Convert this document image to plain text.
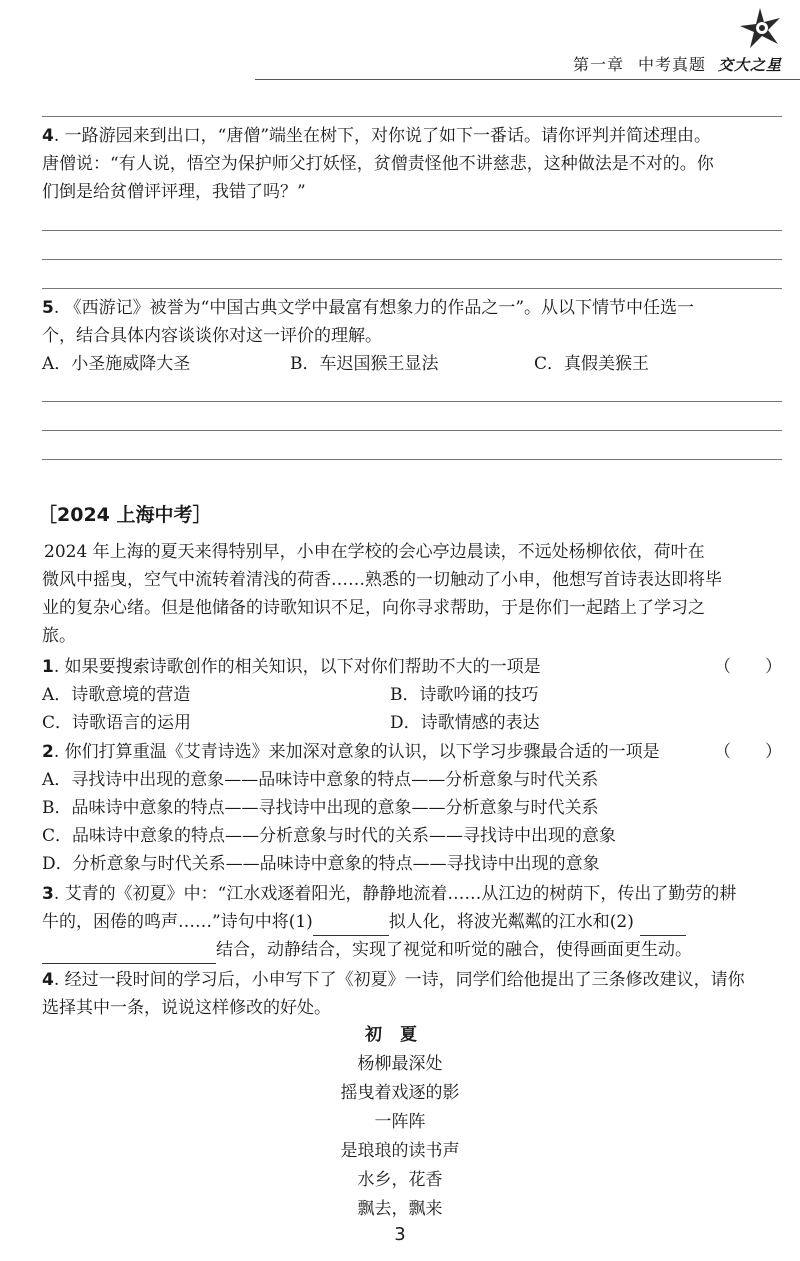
第一章 中考真题 交大之星
4. 一路游园来到出口，“唐僧”端坐在树下，对你说了如下一番话。请你评判并简述理由。
唐僧说：“有人说，悟空为保护师父打妖怪，贫僧责怪他不讲慈悲，这种做法是不对的。你
们倒是给贫僧评评理，我错了吗？”
5. 《西游记》被誉为“中国古典文学中最富有想象力的作品之一”。从以下情节中任选一
个，结合具体内容谈谈你对这一评价的理解。
A．小圣施威降大圣	B．车迟国猴王显法	C．真假美猴王
［2024 上海中考］
2024 年上海的夏天来得特别早，小申在学校的会心亭边晨读，不远处杨柳依依，荷叶在
微风中摇曳，空气中流转着清浅的荷香……熟悉的一切触动了小申，他想写首诗表达即将毕
业的复杂心绪。但是他储备的诗歌知识不足，向你寻求帮助，于是你们一起踏上了学习之
旅。
1. 如果要搜索诗歌创作的相关知识，以下对你们帮助不大的一项是
A．诗歌意境的营造	B．诗歌吟诵的技巧
C．诗歌语言的运用	D．诗歌情感的表达
（　　）
2. 你们打算重温《艾青诗选》来加深对意象的认识，以下学习步骤最合适的一项是
A．寻找诗中出现的意象——品味诗中意象的特点——分析意象与时代关系
B．品味诗中意象的特点——寻找诗中出现的意象——分析意象与时代关系
C．品味诗中意象的特点——分析意象与时代的关系——寻找诗中出现的意象
D．分析意象与时代关系——品味诗中意象的特点——寻找诗中出现的意象
（　　）
3. 艾青的《初夏》中：“江水戏逐着阳光，静静地流着……从江边的树荫下，传出了勤劳的耕
牛的，困倦的鸣声……”诗句中将(1)	拟人化，将波光粼粼的江水和(2)
结合，动静结合，实现了视觉和听觉的融合，使得画面更生动。
4. 经过一段时间的学习后，小申写下了《初夏》一诗，同学们给他提出了三条修改建议，请你
选择其中一条，说说这样修改的好处。
初夏
杨柳最深处
摇曳着戏逐的影
一阵阵
是琅琅的读书声
水乡，花香
飘去，飘来
3
